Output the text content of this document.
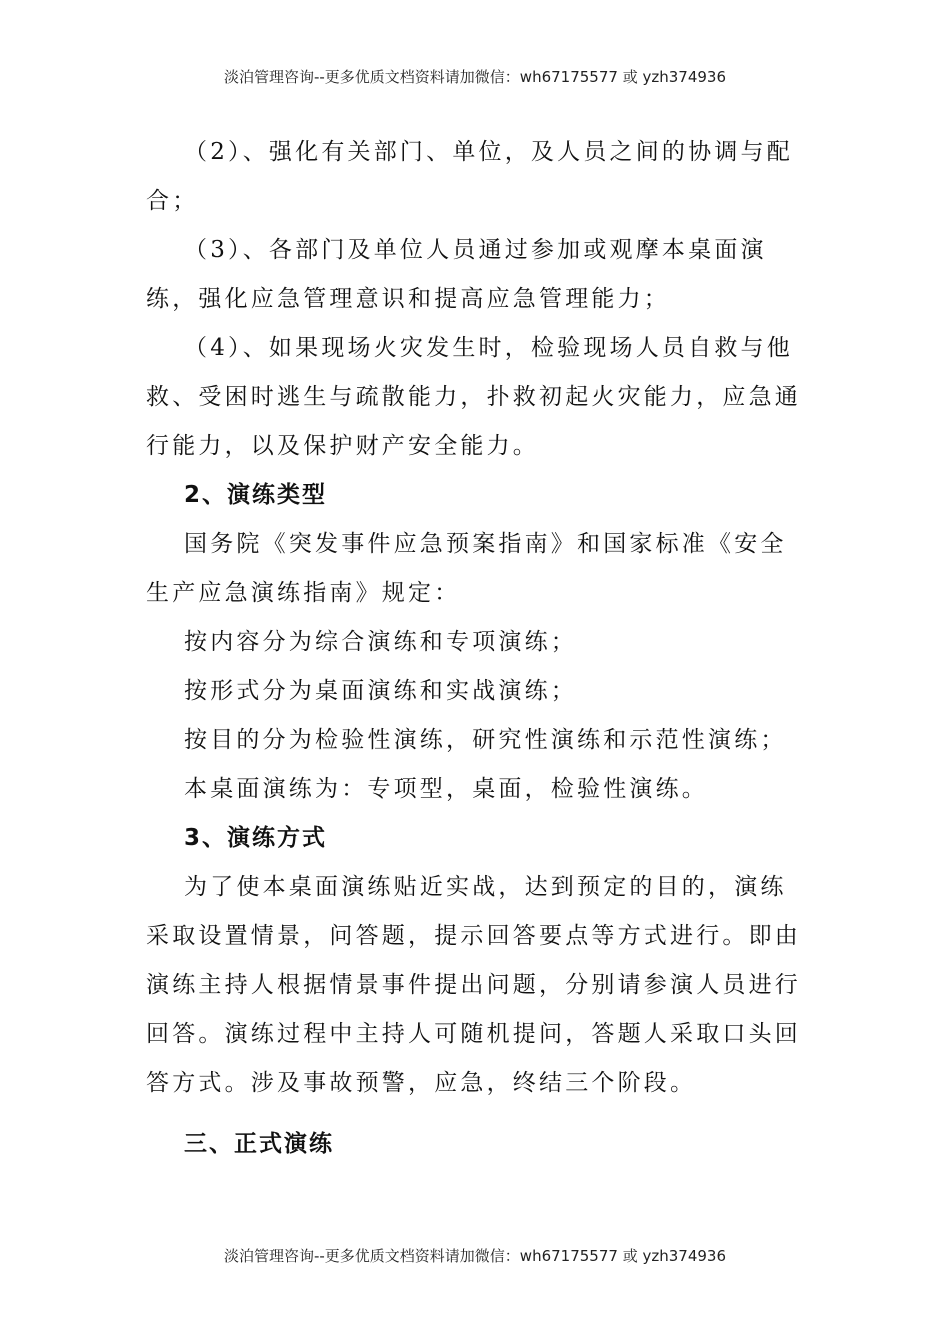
淡泊管理咨询--更多优质文档资料请加微信：wh67175577 或 yzh374936

（2）、强化有关部门、单位，及人员之间的协调与配合；

（3）、各部门及单位人员通过参加或观摩本桌面演练，强化应急管理意识和提高应急管理能力；

（4）、如果现场火灾发生时，检验现场人员自救与他救、受困时逃生与疏散能力，扑救初起火灾能力，应急通行能力，以及保护财产安全能力。

2、演练类型

国务院《突发事件应急预案指南》和国家标准《安全生产应急演练指南》规定：

按内容分为综合演练和专项演练；

按形式分为桌面演练和实战演练；

按目的分为检验性演练，研究性演练和示范性演练；

本桌面演练为：专项型，桌面，检验性演练。

3、演练方式

为了使本桌面演练贴近实战，达到预定的目的，演练采取设置情景，问答题，提示回答要点等方式进行。即由演练主持人根据情景事件提出问题，分别请参演人员进行回答。演练过程中主持人可随机提问，答题人采取口头回答方式。涉及事故预警，应急，终结三个阶段。

三、正式演练

淡泊管理咨询--更多优质文档资料请加微信：wh67175577 或 yzh374936
